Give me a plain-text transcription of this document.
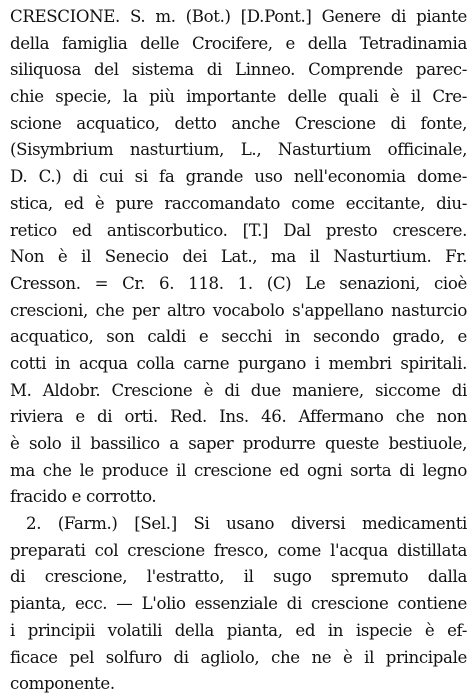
CRESCIONE. S. m. (Bot.) [D.Pont.] Genere di piante
della famiglia delle Crocifere, e della Tetradinamia
siliquosa del sistema di Linneo. Comprende parec-
chie specie, la più importante delle quali è il Cre-
scione acquatico, detto anche Crescione di fonte,
(Sisymbrium nasturtium, L., Nasturtium officinale,
D. C.) di cui si fa grande uso nell'economia dome-
stica, ed è pure raccomandato come eccitante, diu-
retico ed antiscorbutico. [T.] Dal presto crescere.
Non è il Senecio dei Lat., ma il Nasturtium. Fr.
Cresson. = Cr. 6. 118. 1. (C) Le senazioni, cioè
crescioni, che per altro vocabolo s'appellano nasturcio
acquatico, son caldi e secchi in secondo grado, e
cotti in acqua colla carne purgano i membri spiritali.
M. Aldobr. Crescione è di due maniere, siccome di
riviera e di orti. Red. Ins. 46. Affermano che non
è solo il bassilico a saper produrre queste bestiuole,
ma che le produce il crescione ed ogni sorta di legno
fracido e corrotto.
2. (Farm.) [Sel.] Si usano diversi medicamenti
preparati col crescione fresco, come l'acqua distillata
di crescione, l'estratto, il sugo spremuto dalla
pianta, ecc. — L'olio essenziale di crescione contiene
i principii volatili della pianta, ed in ispecie è ef-
ficace pel solfuro di agliolo, che ne è il principale
componente.
